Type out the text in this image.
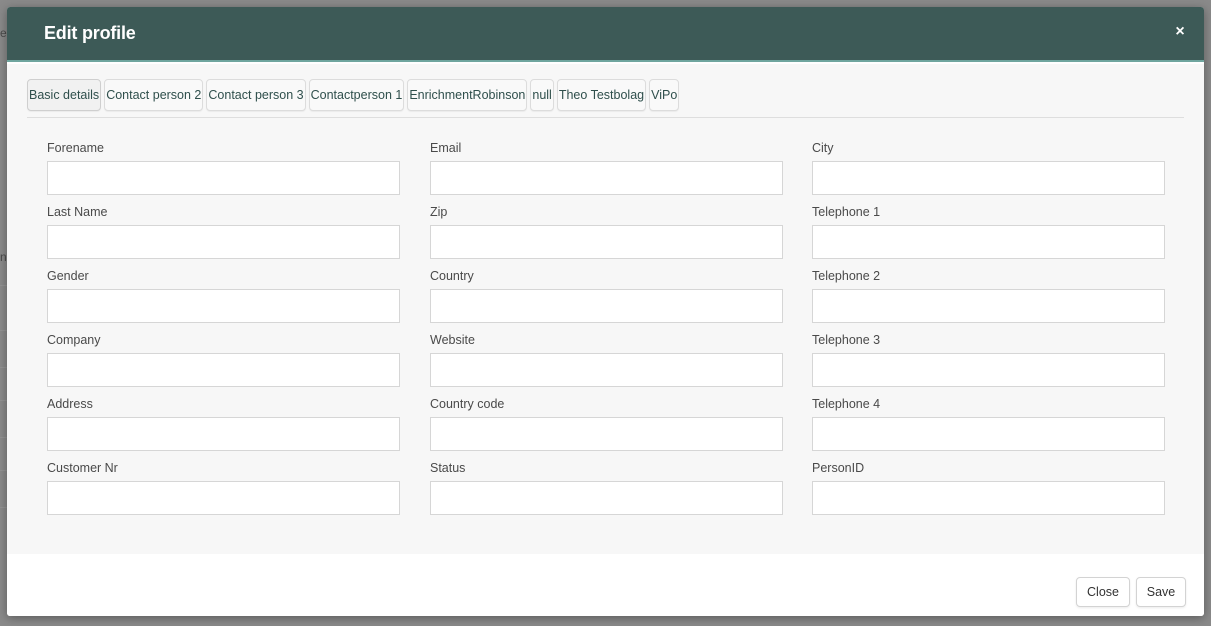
e
n
Edit profile	×
Basic details Contact person 2 Contact person 3 Contactperson 1 EnrichmentRobinson null Theo Testbolag ViPo
Forename
Last Name
Gender
Company
Address
Customer Nr
Email
Zip
Country
Website
Country code
Status
City
Telephone 1
Telephone 2
Telephone 3
Telephone 4
PersonID
Close	Save
